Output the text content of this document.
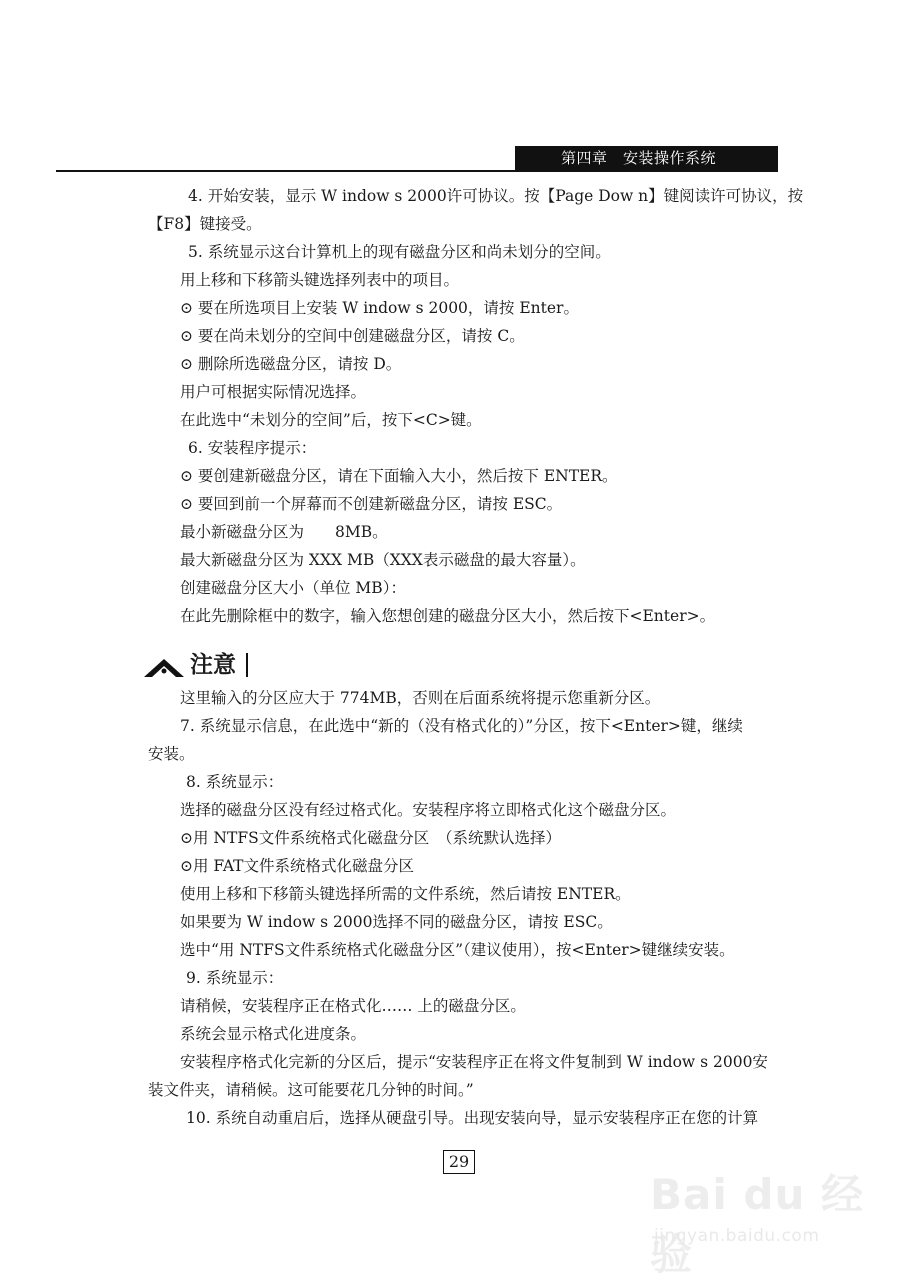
第四章　安装操作系统
4. 开始安装，显示 W indow s 2000许可协议。按【Page Dow n】键阅读许可协议，按
【F8】键接受。
5. 系统显示这台计算机上的现有磁盘分区和尚未划分的空间。
用上移和下移箭头键选择列表中的项目。
⊙ 要在所选项目上安装 W indow s 2000，请按 Enter。
⊙ 要在尚未划分的空间中创建磁盘分区，请按 C。
⊙ 删除所选磁盘分区，请按 D。
用户可根据实际情况选择。
在此选中“未划分的空间”后，按下<C>键。
6. 安装程序提示：
⊙ 要创建新磁盘分区，请在下面输入大小，然后按下 ENTER。
⊙ 要回到前一个屏幕而不创建新磁盘分区，请按 ESC。
最小新磁盘分区为　　8MB。
最大新磁盘分区为 XXX MB（XXX表示磁盘的最大容量）。
创建磁盘分区大小（单位 MB）：
在此先删除框中的数字，输入您想创建的磁盘分区大小，然后按下<Enter>。
注意
这里输入的分区应大于 774MB，否则在后面系统将提示您重新分区。
7. 系统显示信息，在此选中“新的（没有格式化的）”分区，按下<Enter>键，继续
安装。
8. 系统显示：
选择的磁盘分区没有经过格式化。安装程序将立即格式化这个磁盘分区。
⊙用 NTFS文件系统格式化磁盘分区　（系统默认选择）
⊙用 FAT文件系统格式化磁盘分区
使用上移和下移箭头键选择所需的文件系统，然后请按 ENTER。
如果要为 W indow s 2000选择不同的磁盘分区，请按 ESC。
选中“用 NTFS文件系统格式化磁盘分区”（建议使用），按<Enter>键继续安装。
9. 系统显示：
请稍候，安装程序正在格式化…… 上的磁盘分区。
系统会显示格式化进度条。
安装程序格式化完新的分区后，提示“安装程序正在将文件复制到 W indow s 2000安
装文件夹，请稍候。这可能要花几分钟的时间。”
10. 系统自动重启后，选择从硬盘引导。出现安装向导，显示安装程序正在您的计算
29
Bai du 经验
jingyan.baidu.com
